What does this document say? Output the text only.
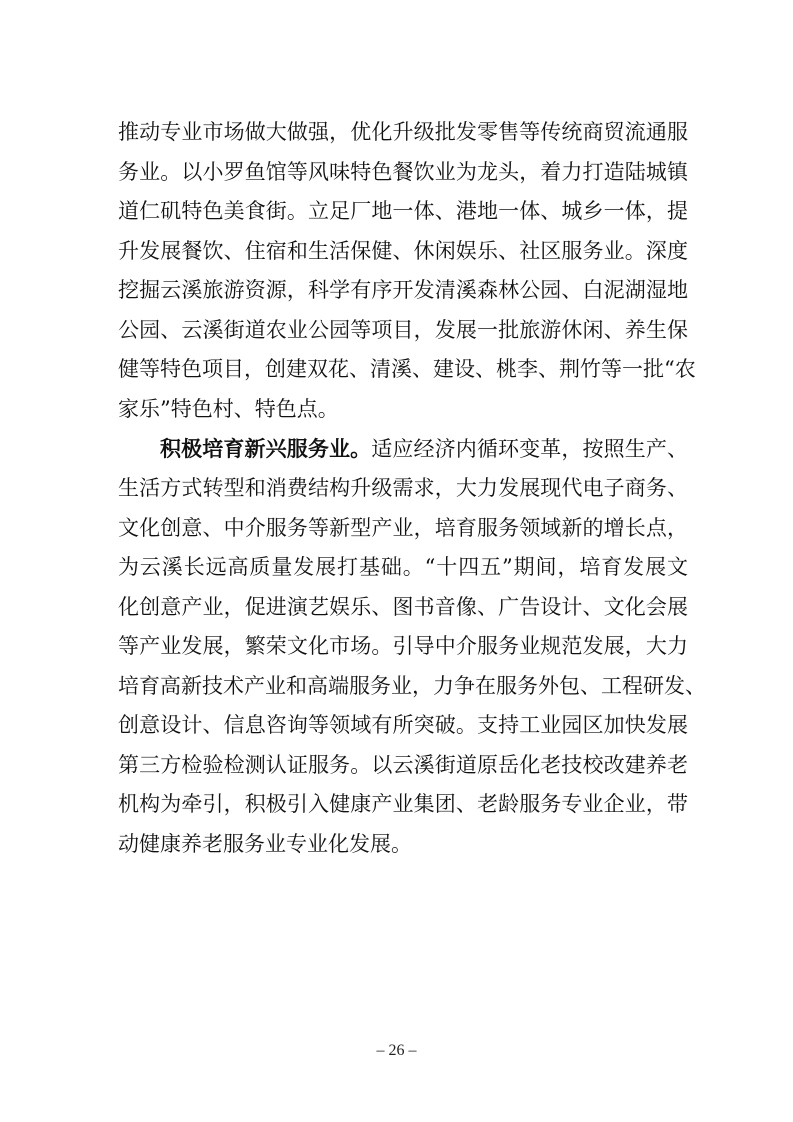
推动专业市场做大做强，优化升级批发零售等传统商贸流通服
务业。以小罗鱼馆等风味特色餐饮业为龙头，着力打造陆城镇
道仁矶特色美食街。立足厂地一体、港地一体、城乡一体，提
升发展餐饮、住宿和生活保健、休闲娱乐、社区服务业。深度
挖掘云溪旅游资源，科学有序开发清溪森林公园、白泥湖湿地
公园、云溪街道农业公园等项目，发展一批旅游休闲、养生保
健等特色项目，创建双花、清溪、建设、桃李、荆竹等一批“农
家乐”特色村、特色点。
积极培育新兴服务业。适应经济内循环变革，按照生产、
生活方式转型和消费结构升级需求，大力发展现代电子商务、
文化创意、中介服务等新型产业，培育服务领域新的增长点，
为云溪长远高质量发展打基础。“十四五”期间，培育发展文
化创意产业，促进演艺娱乐、图书音像、广告设计、文化会展
等产业发展，繁荣文化市场。引导中介服务业规范发展，大力
培育高新技术产业和高端服务业，力争在服务外包、工程研发、
创意设计、信息咨询等领域有所突破。支持工业园区加快发展
第三方检验检测认证服务。以云溪街道原岳化老技校改建养老
机构为牵引，积极引入健康产业集团、老龄服务专业企业，带
动健康养老服务业专业化发展。
– 26 –
